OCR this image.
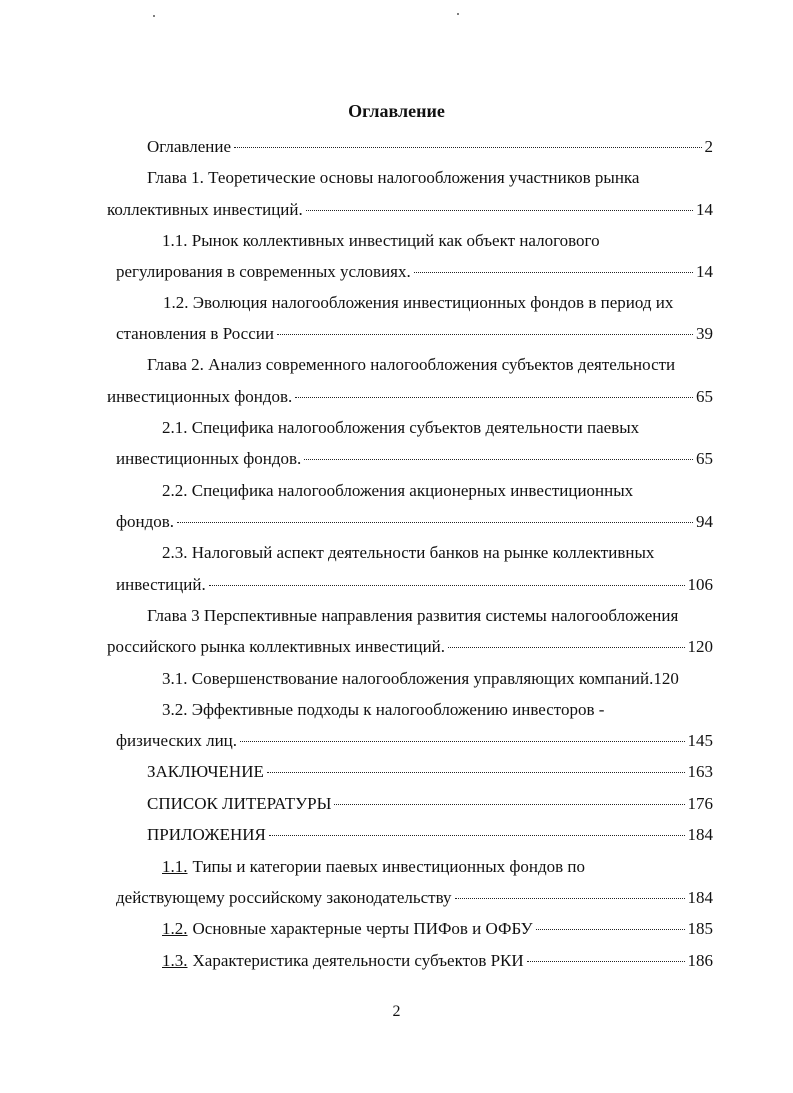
Оглавление
Оглавление	2
Глава 1. Теоретические основы налогообложения участников рынка
коллективных инвестиций.	14
1.1. Рынок коллективных инвестиций как объект налогового
регулирования в современных условиях.	14
1.2. Эволюция налогообложения инвестиционных фондов в период их
становления в России	39
Глава 2. Анализ современного налогообложения субъектов деятельности
инвестиционных фондов.	65
2.1. Специфика налогообложения субъектов деятельности паевых
инвестиционных фондов.	65
2.2. Специфика налогообложения акционерных инвестиционных
фондов.	94
2.3. Налоговый аспект деятельности банков на рынке коллективных
инвестиций.	106
Глава 3 Перспективные направления развития системы налогообложения
российского рынка коллективных инвестиций.	120
3.1. Совершенствование налогообложения управляющих компаний. 120
3.2. Эффективные подходы к налогообложению инвесторов -
физических лиц.	145
ЗАКЛЮЧЕНИЕ	163
СПИСОК ЛИТЕРАТУРЫ	176
ПРИЛОЖЕНИЯ	184
1.1. Типы и категории паевых инвестиционных фондов по
действующему российскому законодательству	184
1.2. Основные характерные черты ПИФов и ОФБУ	185
1.3. Характеристика деятельности субъектов РКИ	186
2
